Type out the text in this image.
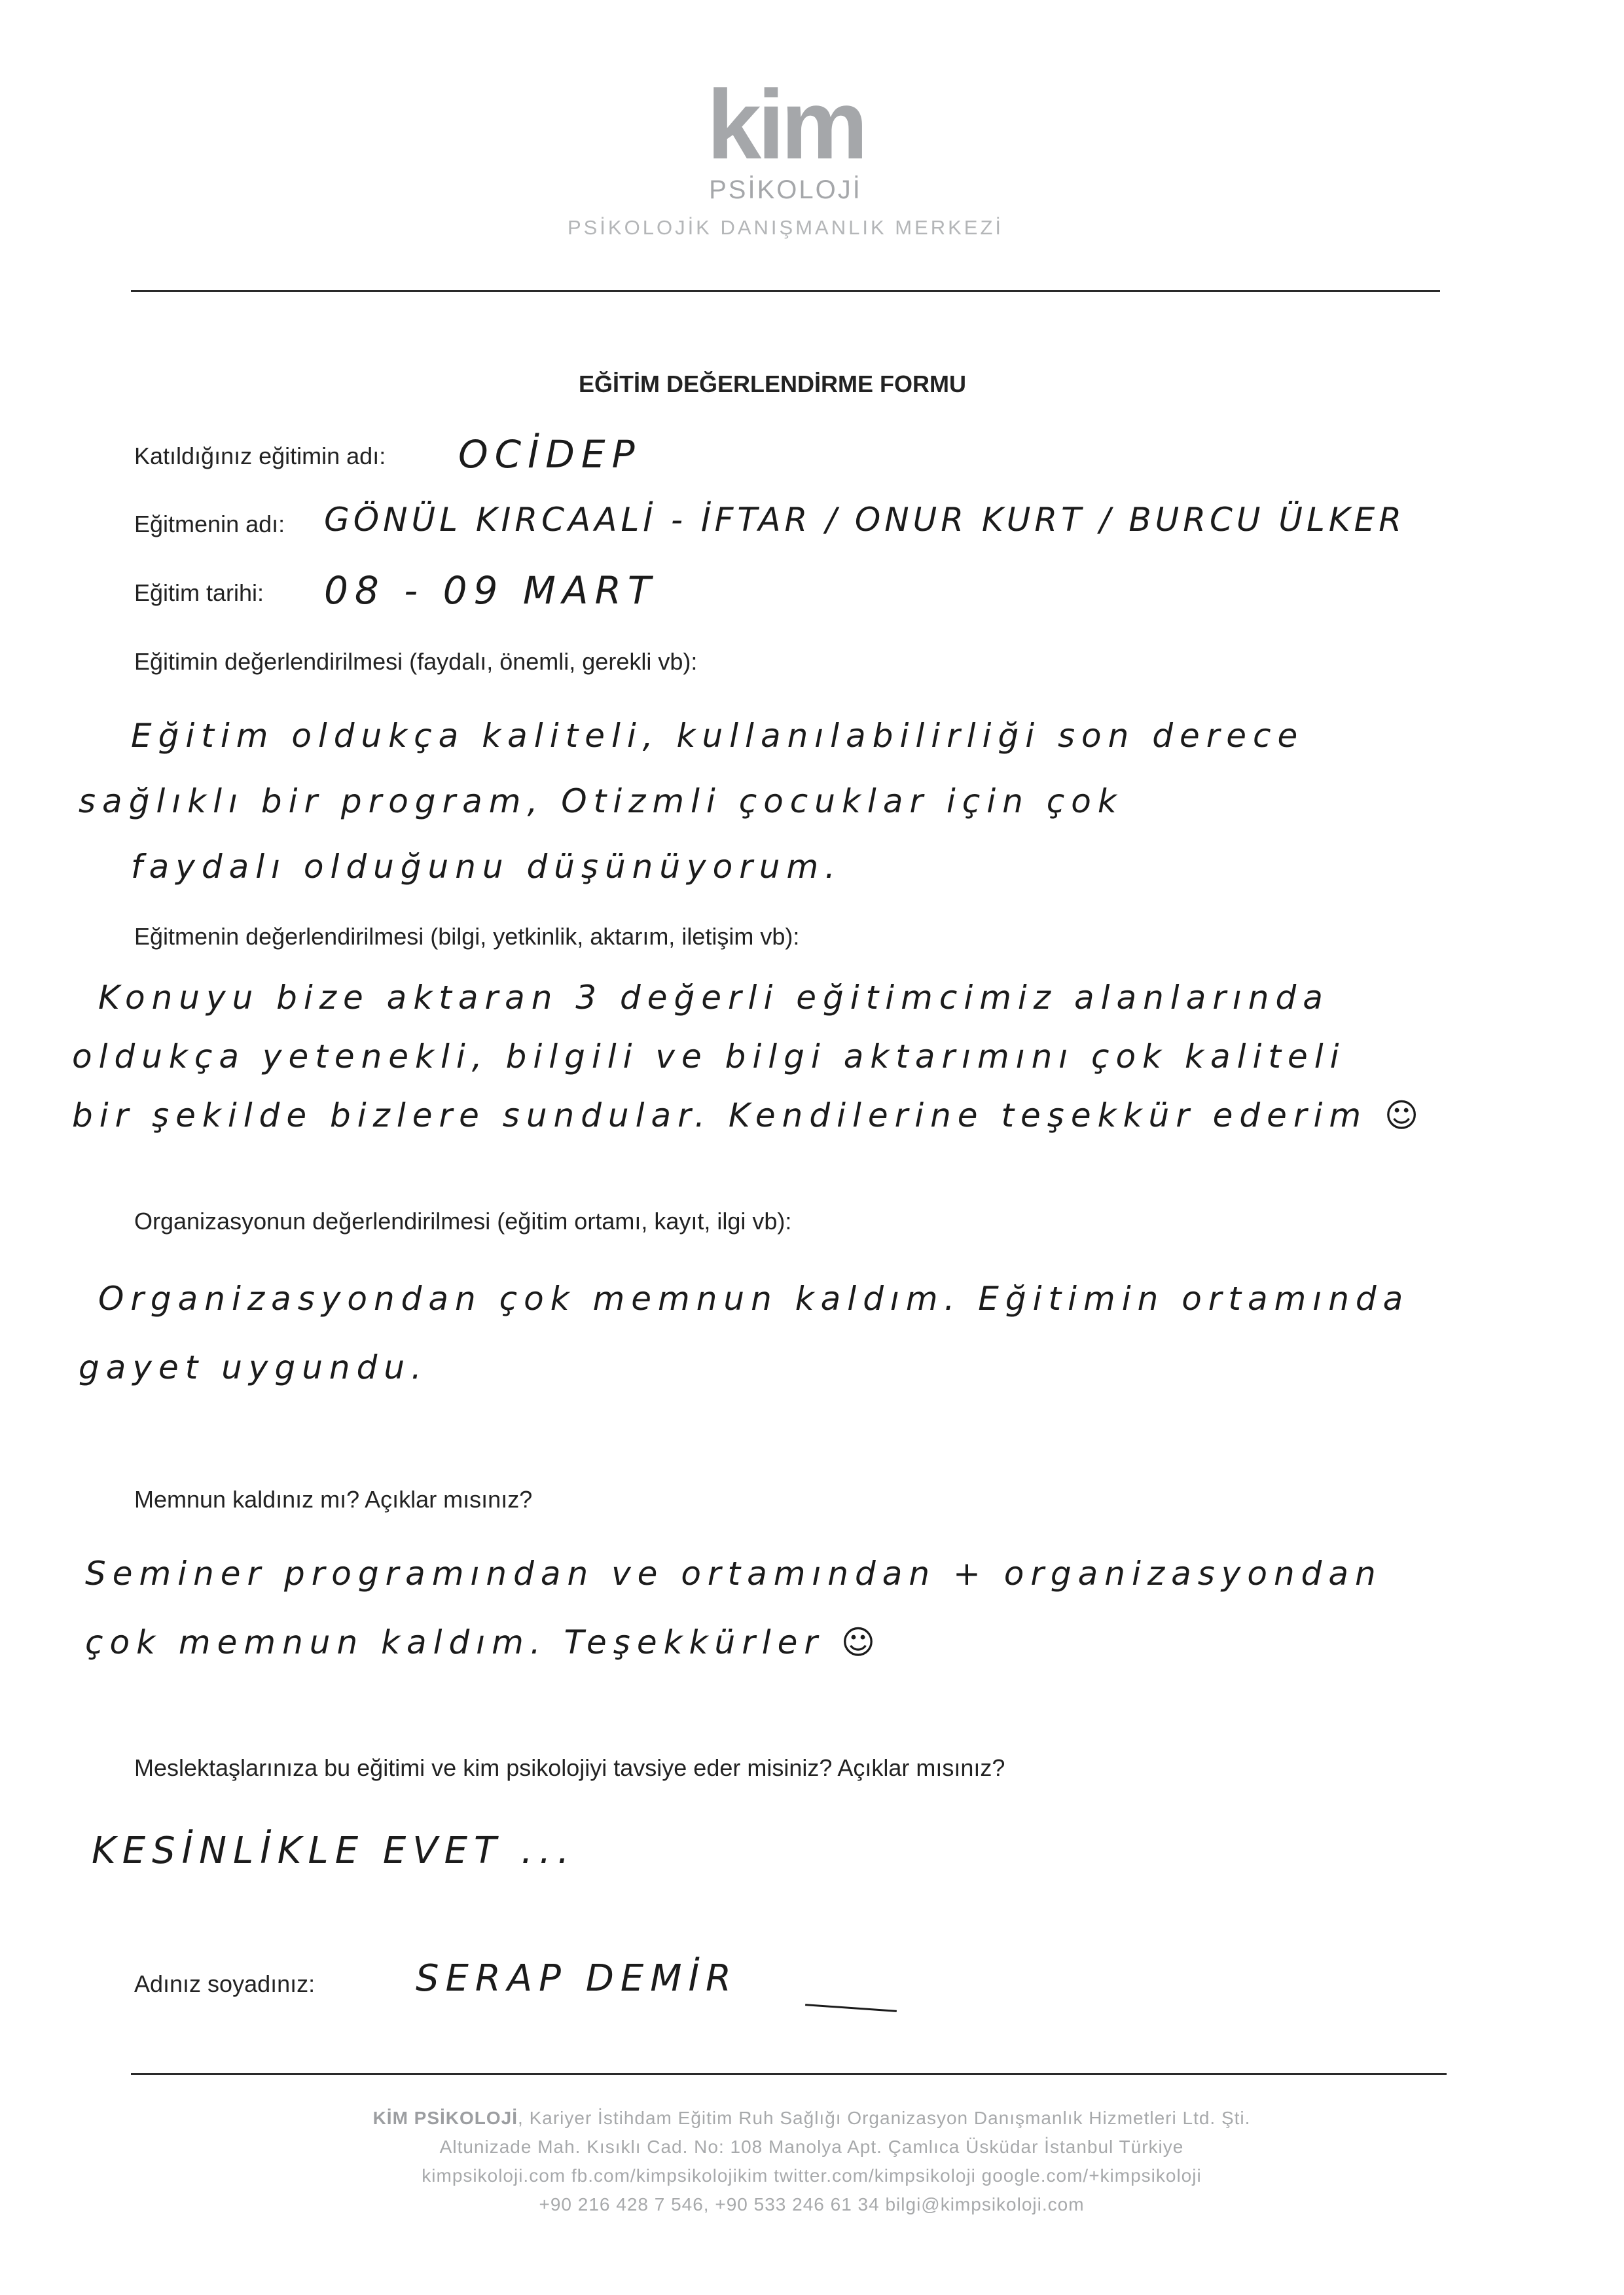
kim
PSİKOLOJİ
PSİKOLOJİK DANIŞMANLIK MERKEZİ
EĞİTİM DEĞERLENDİRME FORMU
Katıldığınız eğitimin adı: OCİDEP
Eğitmenin adı: GÖNÜL KIRCAALİ - İFTAR / ONUR KURT / BURCU ÜLKER
Eğitim tarihi: 08 - 09 MART
Eğitimin değerlendirilmesi (faydalı, önemli, gerekli vb):
Eğitim oldukça kaliteli, kullanılabilirliği son derece
sağlıklı bir program, Otizmli çocuklar için çok
faydalı olduğunu düşünüyorum.
Eğitmenin değerlendirilmesi (bilgi, yetkinlik, aktarım, iletişim vb):
Konuyu bize aktaran 3 değerli eğitimcimiz alanlarında
oldukça yetenekli, bilgili ve bilgi aktarımını çok kaliteli
bir şekilde bizlere sundular. Kendilerine teşekkür ederim ☺
Organizasyonun değerlendirilmesi (eğitim ortamı, kayıt, ilgi vb):
Organizasyondan çok memnun kaldım. Eğitimin ortamında
gayet uygundu.
Memnun kaldınız mı? Açıklar mısınız?
Seminer programından ve ortamından + organizasyondan
çok memnun kaldım. Teşekkürler ☺
Meslektaşlarınıza bu eğitimi ve kim psikolojiyi tavsiye eder misiniz? Açıklar mısınız?
KESİNLİKLE EVET ...
Adınız soyadınız:	SERAP DEMİR
KİM PSİKOLOJİ, Kariyer İstihdam Eğitim Ruh Sağlığı Organizasyon Danışmanlık Hizmetleri Ltd. Şti.
Altunizade Mah. Kısıklı Cad. No: 108 Manolya Apt. Çamlıca Üsküdar İstanbul Türkiye
kimpsikoloji.com fb.com/kimpsikolojikim twitter.com/kimpsikoloji google.com/+kimpsikoloji
+90 216 428 7 546, +90 533 246 61 34 bilgi@kimpsikoloji.com
